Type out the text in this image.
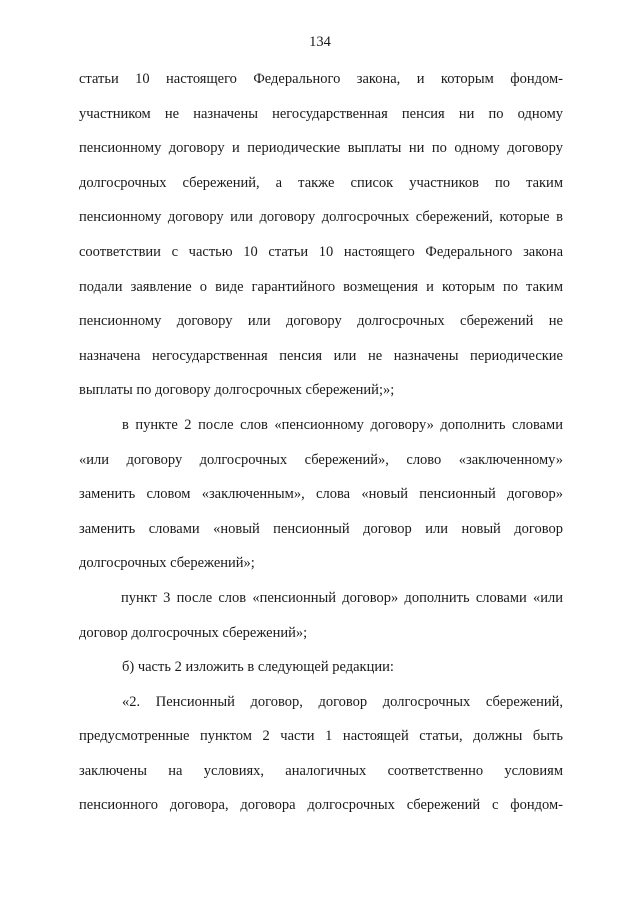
134
статьи 10 настоящего Федерального закона, и которым фондом-
участником не назначены негосударственная пенсия ни по одному
пенсионному договору и периодические выплаты ни по одному договору
долгосрочных сбережений, а также список участников по таким
пенсионному договору или договору долгосрочных сбережений, которые в
соответствии с частью 10 статьи 10 настоящего Федерального закона
подали заявление о виде гарантийного возмещения и которым по таким
пенсионному договору или договору долгосрочных сбережений не
назначена негосударственная пенсия или не назначены периодические
выплаты по договору долгосрочных сбережений;»;
в пункте 2 после слов «пенсионному договору» дополнить словами
«или договору долгосрочных сбережений», слово «заключенному»
заменить словом «заключенным», слова «новый пенсионный договор»
заменить словами «новый пенсионный договор или новый договор
долгосрочных сбережений»;
пункт 3 после слов «пенсионный договор» дополнить словами «или
договор долгосрочных сбережений»;
б) часть 2 изложить в следующей редакции:
«2. Пенсионный договор, договор долгосрочных сбережений,
предусмотренные пунктом 2 части 1 настоящей статьи, должны быть
заключены на условиях, аналогичных соответственно условиям
пенсионного договора, договора долгосрочных сбережений с фондом-
